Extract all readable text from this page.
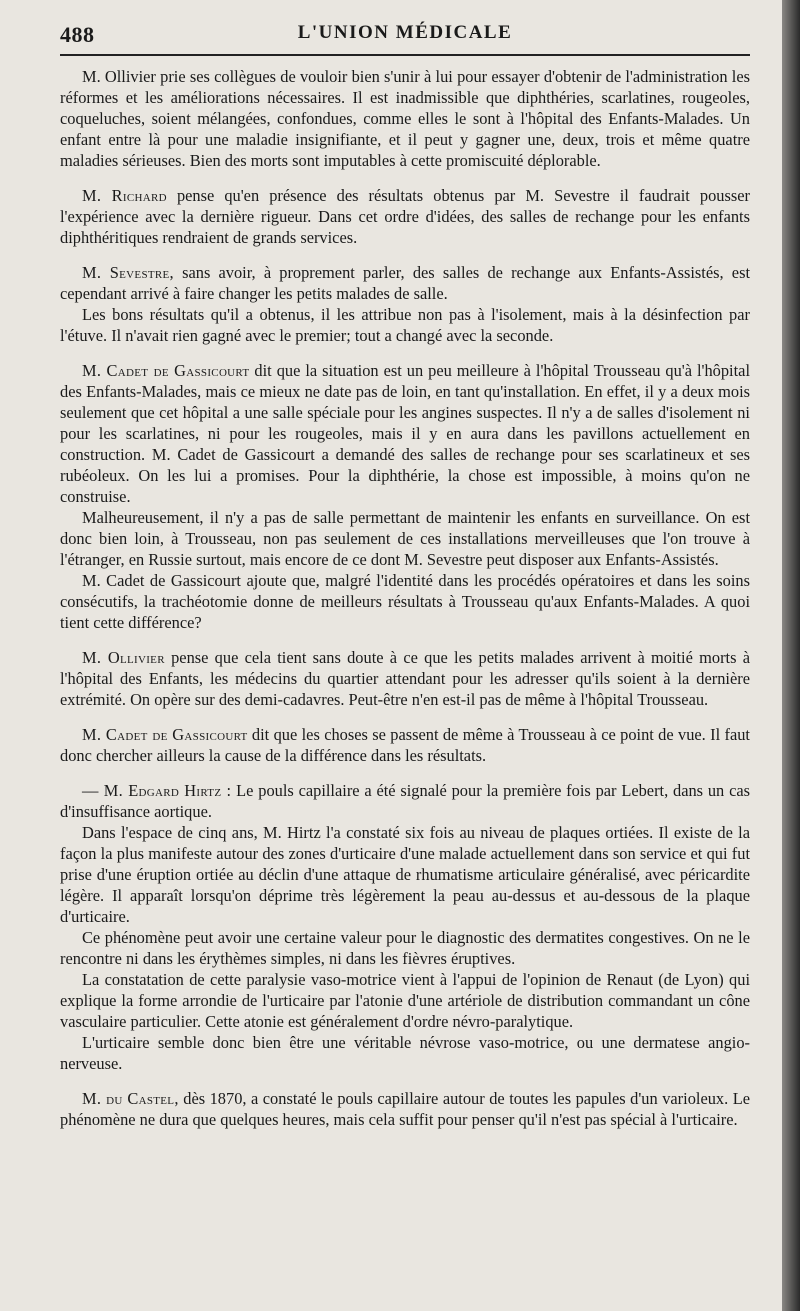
488	L'UNION MÉDICALE

M. Ollivier prie ses collègues de vouloir bien s'unir à lui pour essayer d'obtenir de l'administration les réformes et les améliorations nécessaires. Il est inadmissible que diphthéries, scarlatines, rougeoles, coqueluches, soient mélangées, confondues, comme elles le sont à l'hôpital des Enfants-Malades. Un enfant entre là pour une maladie insignifiante, et il peut y gagner une, deux, trois et même quatre maladies sérieuses. Bien des morts sont imputables à cette promiscuité déplorable.

M. Richard pense qu'en présence des résultats obtenus par M. Sevestre il faudrait pousser l'expérience avec la dernière rigueur. Dans cet ordre d'idées, des salles de rechange pour les enfants diphthéritiques rendraient de grands services.

M. Sevestre, sans avoir, à proprement parler, des salles de rechange aux Enfants-Assistés, est cependant arrivé à faire changer les petits malades de salle.

Les bons résultats qu'il a obtenus, il les attribue non pas à l'isolement, mais à la désinfection par l'étuve. Il n'avait rien gagné avec le premier; tout a changé avec la seconde.

M. Cadet de Gassicourt dit que la situation est un peu meilleure à l'hôpital Trousseau qu'à l'hôpital des Enfants-Malades, mais ce mieux ne date pas de loin, en tant qu'installation. En effet, il y a deux mois seulement que cet hôpital a une salle spéciale pour les angines suspectes. Il n'y a de salles d'isolement ni pour les scarlatines, ni pour les rougeoles, mais il y en aura dans les pavillons actuellement en construction. M. Cadet de Gassicourt a demandé des salles de rechange pour ses scarlatineux et ses rubéoleux. On les lui a promises. Pour la diphthérie, la chose est impossible, à moins qu'on ne construise.

Malheureusement, il n'y a pas de salle permettant de maintenir les enfants en surveillance. On est donc bien loin, à Trousseau, non pas seulement de ces installations merveilleuses que l'on trouve à l'étranger, en Russie surtout, mais encore de ce dont M. Sevestre peut disposer aux Enfants-Assistés.

M. Cadet de Gassicourt ajoute que, malgré l'identité dans les procédés opératoires et dans les soins consécutifs, la trachéotomie donne de meilleurs résultats à Trousseau qu'aux Enfants-Malades. A quoi tient cette différence?

M. Ollivier pense que cela tient sans doute à ce que les petits malades arrivent à moitié morts à l'hôpital des Enfants, les médecins du quartier attendant pour les adresser qu'ils soient à la dernière extrémité. On opère sur des demi-cadavres. Peut-être n'en est-il pas de même à l'hôpital Trousseau.

M. Cadet de Gassicourt dit que les choses se passent de même à Trousseau à ce point de vue. Il faut donc chercher ailleurs la cause de la différence dans les résultats.

— M. Edgard Hirtz : Le pouls capillaire a été signalé pour la première fois par Lebert, dans un cas d'insuffisance aortique.

Dans l'espace de cinq ans, M. Hirtz l'a constaté six fois au niveau de plaques ortiées. Il existe de la façon la plus manifeste autour des zones d'urticaire d'une malade actuellement dans son service et qui fut prise d'une éruption ortiée au déclin d'une attaque de rhumatisme articulaire généralisé, avec péricardite légère. Il apparaît lorsqu'on déprime très légèrement la peau au-dessus et au-dessous de la plaque d'urticaire.

Ce phénomène peut avoir une certaine valeur pour le diagnostic des dermatites congestives. On ne le rencontre ni dans les érythèmes simples, ni dans les fièvres éruptives.

La constatation de cette paralysie vaso-motrice vient à l'appui de l'opinion de Renaut (de Lyon) qui explique la forme arrondie de l'urticaire par l'atonie d'une artériole de distribution commandant un cône vasculaire particulier. Cette atonie est généralement d'ordre névro-paralytique.

L'urticaire semble donc bien être une véritable névrose vaso-motrice, ou une dermatese angio-nerveuse.

M. du Castel, dès 1870, a constaté le pouls capillaire autour de toutes les papules d'un varioleux. Le phénomène ne dura que quelques heures, mais cela suffit pour penser qu'il n'est pas spécial à l'urticaire.
